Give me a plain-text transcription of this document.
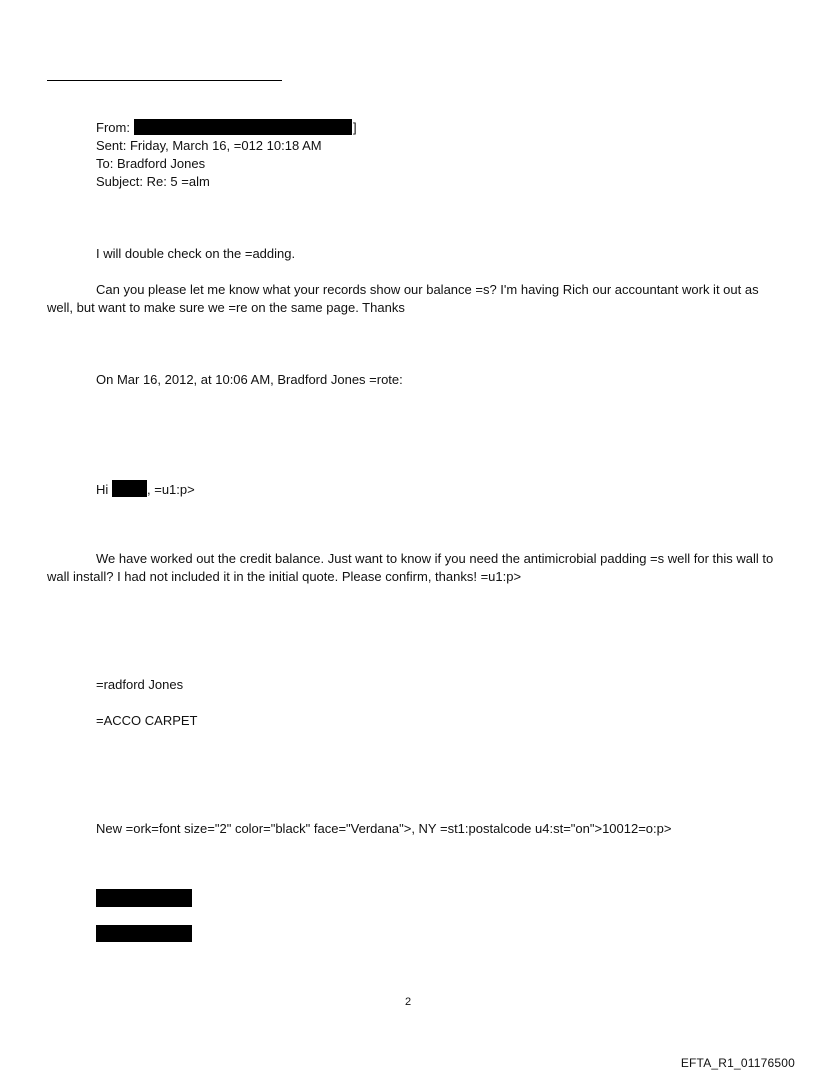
From:	]
Sent: Friday, March 16, =012 10:18 AM
To: Bradford Jones
Subject: Re: 5 =alm
I will double check on the =adding.
Can you please let me know what your records show our balance =s? I'm having Rich our accountant work it out as well, but want to make sure we =re on the same page. Thanks
On Mar 16, 2012, at 10:06 AM, Bradford Jones =rote:
Hi	, =u1:p>
We have worked out the credit balance. Just want to know if you need the antimicrobial padding =s well for this wall to wall install? I had not included it in the initial quote. Please confirm, thanks! =u1:p>
=radford Jones
=ACCO CARPET
New =ork=font size="2" color="black" face="Verdana">, NY =st1:postalcode u4:st="on">10012=o:p>
2
EFTA_R1_01176500
